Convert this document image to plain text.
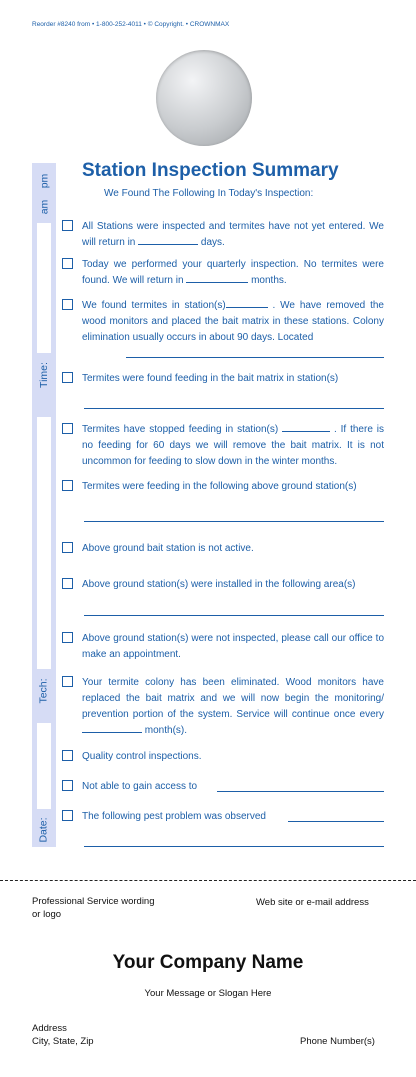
Reorder #8240 from • 1-800-252-4011 • © Copyright. • CROWNMAX
pm
am
Time:
Tech:
Date:
Station Inspection Summary
We Found The Following In Today's Inspection:
All Stations were inspected and termites have not yet entered. We will return in	days.
Today we performed your quarterly inspection. No termites were found. We will return in	months.
We found termites in station(s)	. We have removed the wood monitors and placed the bait matrix in these stations. Colony elimination usually occurs in about 90 days. Located
Termites were found feeding in the bait matrix in station(s)
Termites have stopped feeding in station(s)	. If there is no feeding for 60 days we will remove the bait matrix. It is not uncommon for feeding to slow down in the winter months.
Termites were feeding in the following above ground station(s)
Above ground bait station is not active.
Above ground station(s) were installed in the following area(s)
Above ground station(s) were not inspected, please call our office to make an appointment.
Your termite colony has been eliminated. Wood monitors have replaced the bait matrix and we will now begin the monitoring/ prevention portion of the system. Service will continue once every  month(s).
Quality control inspections.
Not able to gain access to
The following pest problem was observed
Professional Service wording
or logo
Web site or e-mail address
Your Company Name
Your Message or Slogan Here
Address
City, State, Zip	Phone Number(s)
